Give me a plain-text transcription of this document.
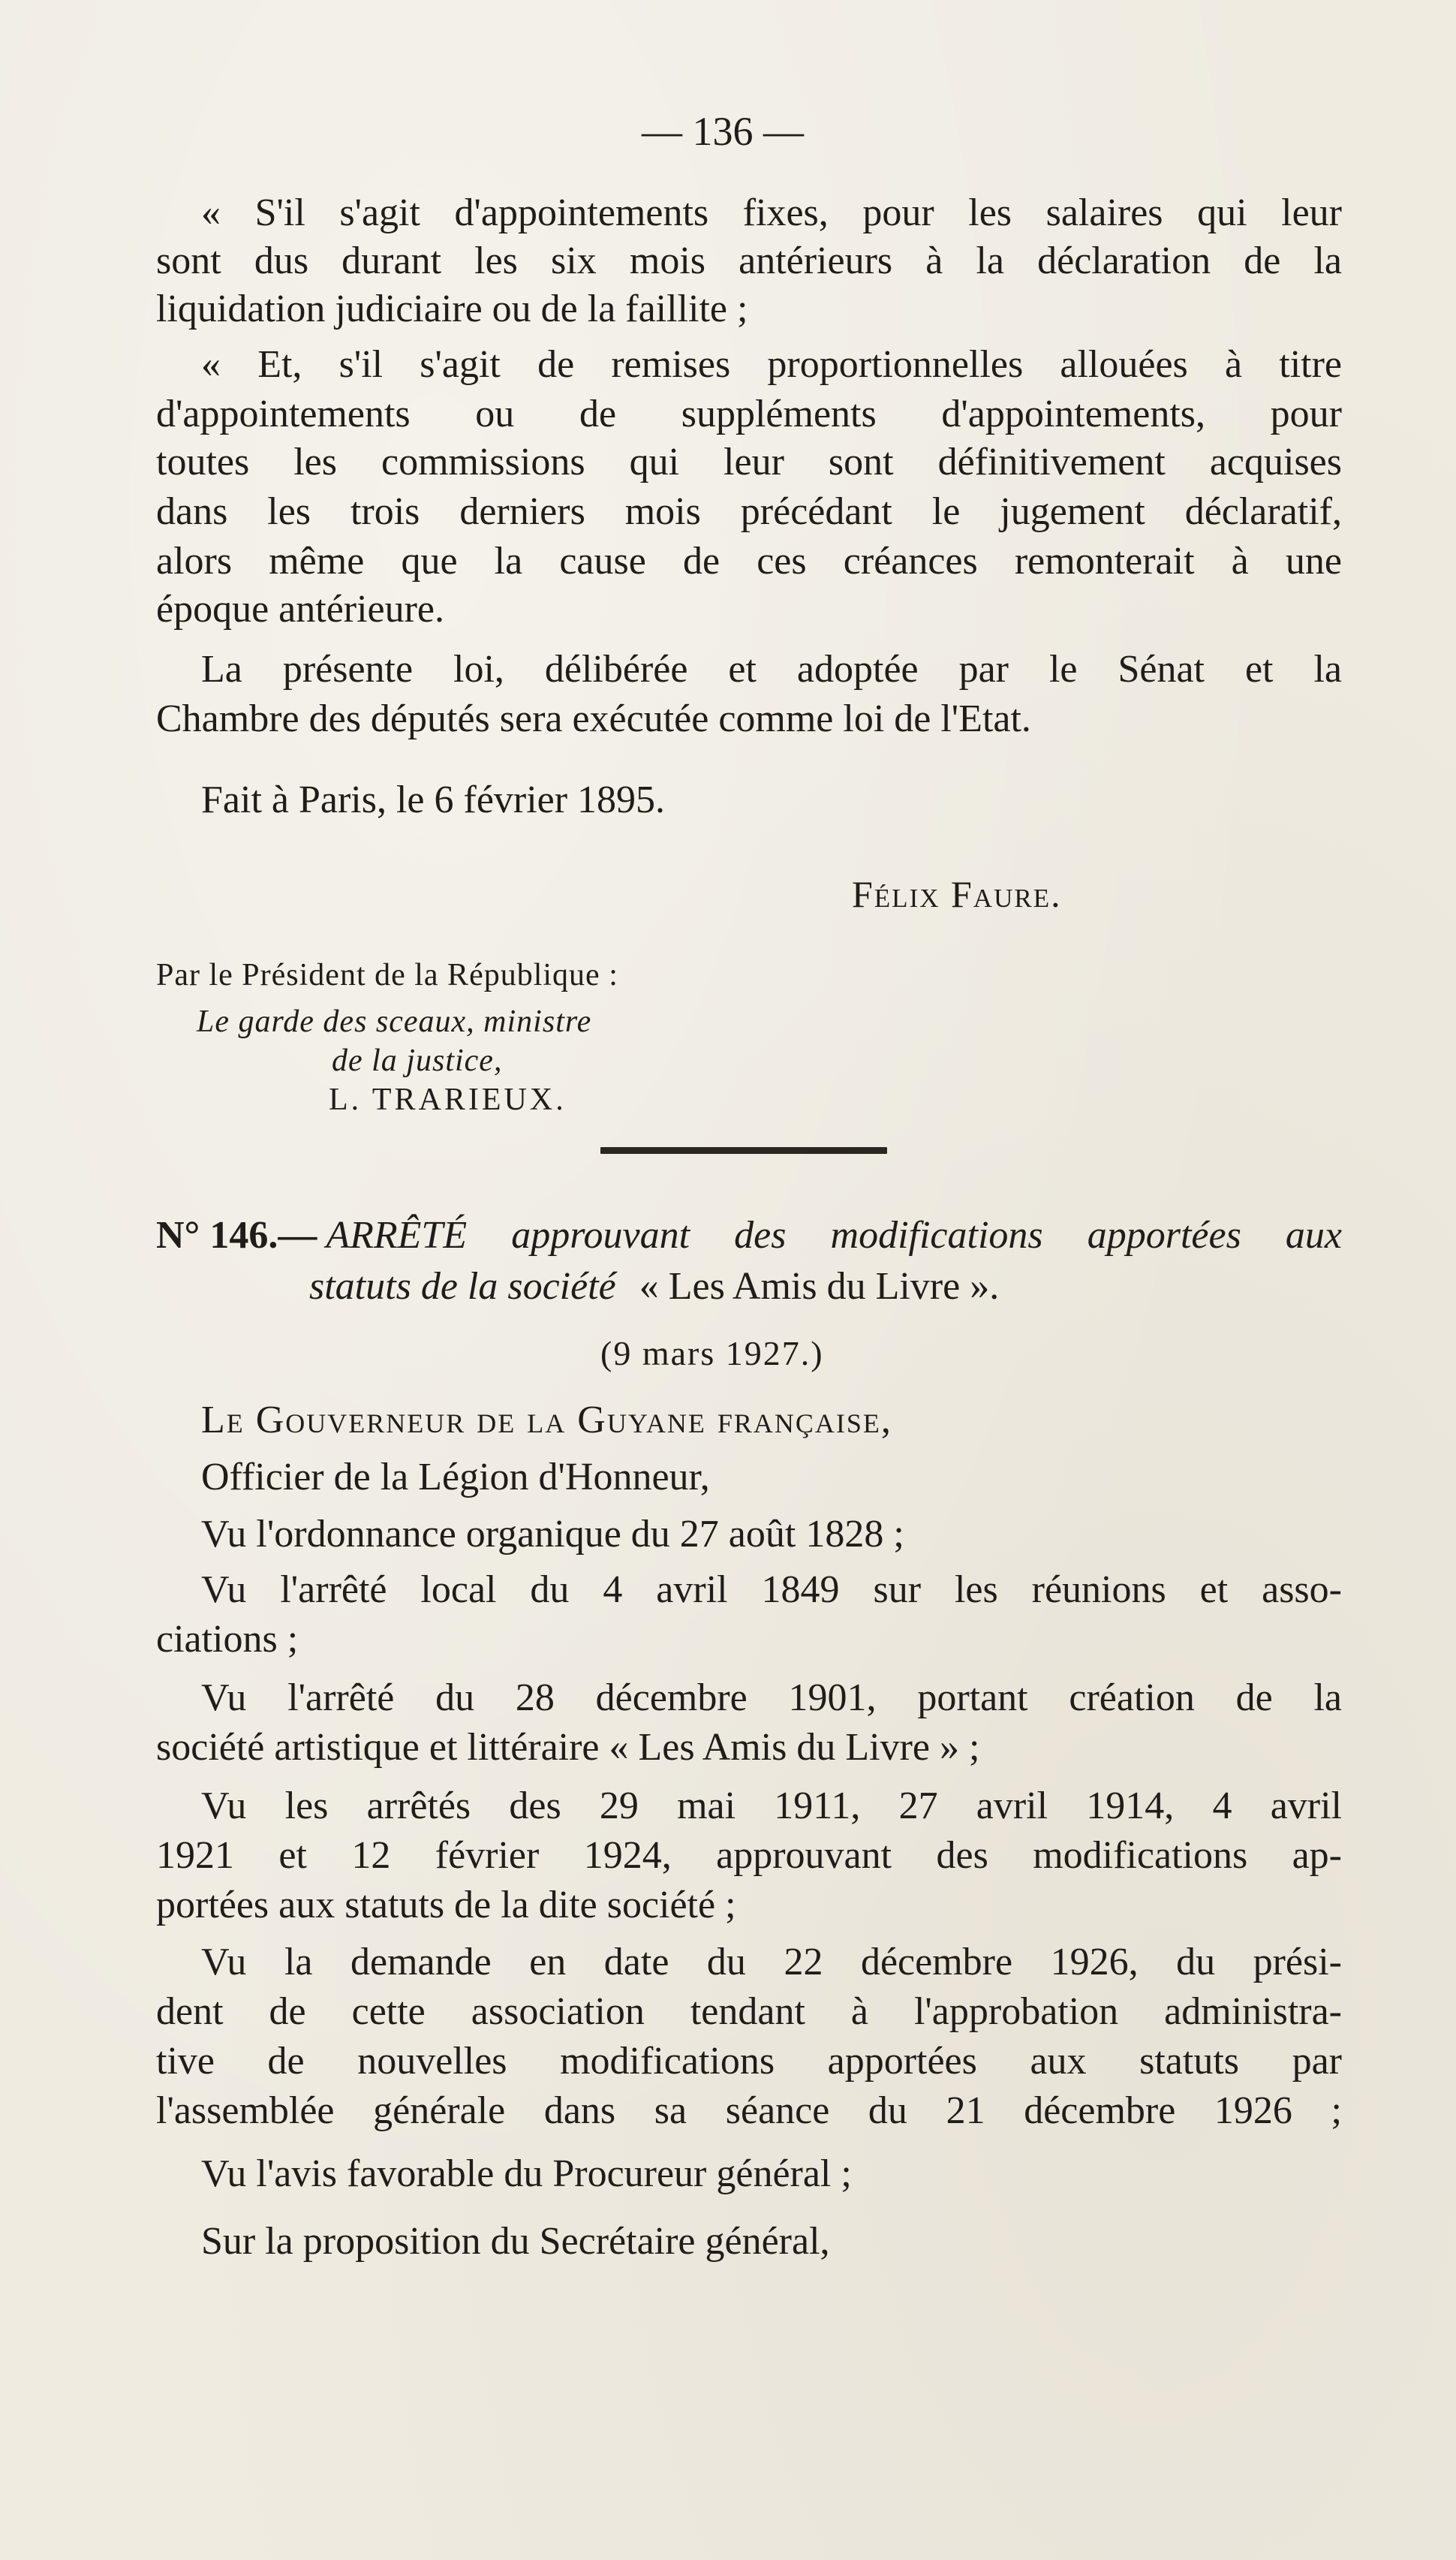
— 136 —
« S'il s'agit d'appointements fixes, pour les salaires qui leur
sont dus durant les six mois antérieurs à la déclaration de la
liquidation judiciaire ou de la faillite ;
« Et, s'il s'agit de remises proportionnelles allouées à titre
d'appointements ou de suppléments d'appointements, pour
toutes les commissions qui leur sont définitivement acquises
dans les trois derniers mois précédant le jugement déclaratif,
alors même que la cause de ces créances remonterait à une
époque antérieure.
La présente loi, délibérée et adoptée par le Sénat et la
Chambre des députés sera exécutée comme loi de l'Etat.
Fait à Paris, le 6 février 1895.
Félix Faure.
Par le Président de la République :
Le garde des sceaux, ministre
de la justice,
L. TRARIEUX.
N° 146.— ARRÊTÉ approuvant des modifications apportées aux
statuts de la société « Les Amis du Livre ».
(9 mars 1927.)
Le Gouverneur de la Guyane française,
Officier de la Légion d'Honneur,
Vu l'ordonnance organique du 27 août 1828 ;
Vu l'arrêté local du 4 avril 1849 sur les réunions et asso-
ciations ;
Vu l'arrêté du 28 décembre 1901, portant création de la
société artistique et littéraire « Les Amis du Livre » ;
Vu les arrêtés des 29 mai 1911, 27 avril 1914, 4 avril
1921 et 12 février 1924, approuvant des modifications ap-
portées aux statuts de la dite société ;
Vu la demande en date du 22 décembre 1926, du prési-
dent de cette association tendant à l'approbation administra-
tive de nouvelles modifications apportées aux statuts par
l'assemblée générale dans sa séance du 21 décembre 1926 ;
Vu l'avis favorable du Procureur général ;
Sur la proposition du Secrétaire général,
